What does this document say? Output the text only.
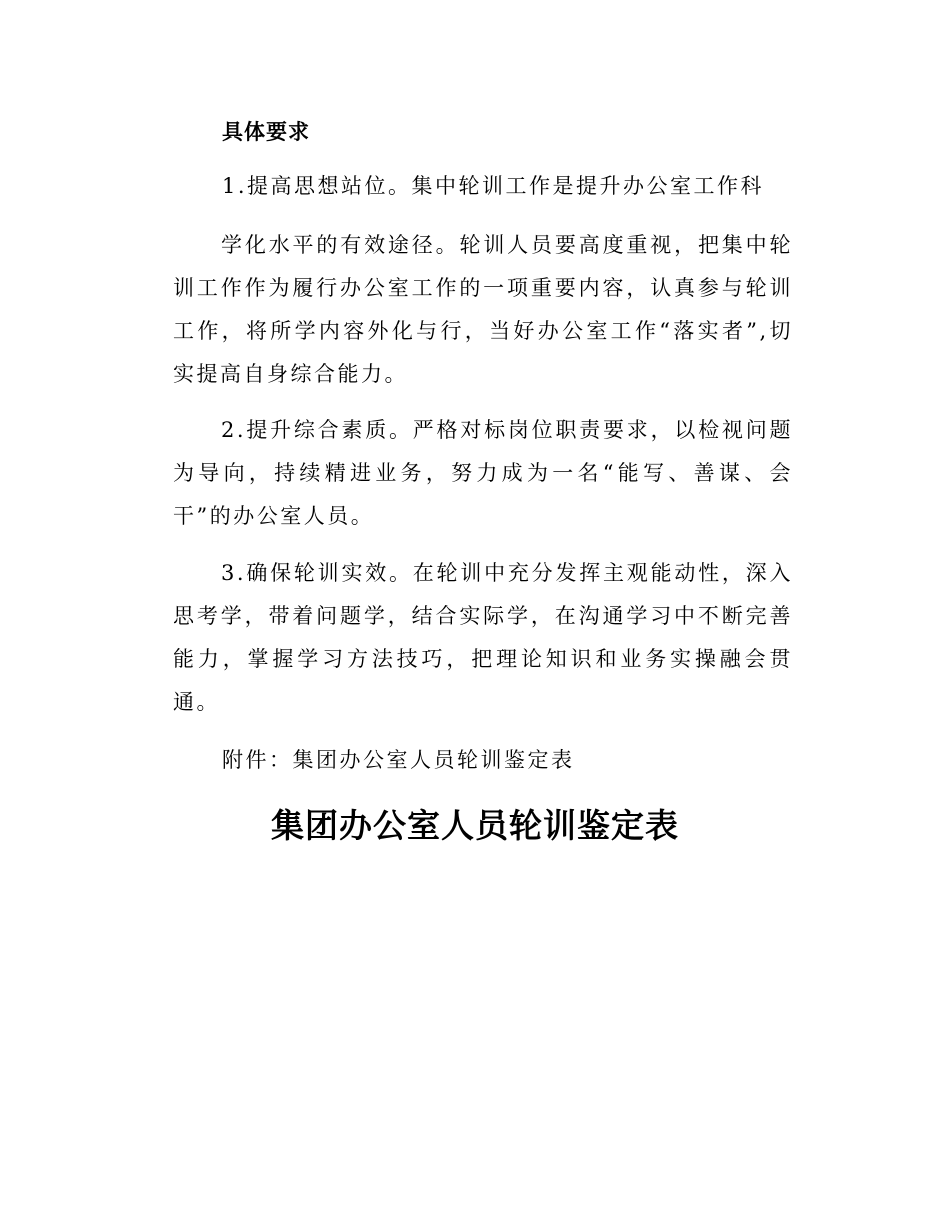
具体要求
1.提高思想站位。集中轮训工作是提升办公室工作科

学化水平的有效途径。轮训人员要高度重视，把集中轮训工作作为履行办公室工作的一项重要内容，认真参与轮训工作，将所学内容外化与行，当好办公室工作“落实者”,切实提高自身综合能力。

2.提升综合素质。严格对标岗位职责要求，以检视问题为导向，持续精进业务，努力成为一名“能写、善谋、会干”的办公室人员。

3.确保轮训实效。在轮训中充分发挥主观能动性，深入思考学，带着问题学，结合实际学，在沟通学习中不断完善能力，掌握学习方法技巧，把理论知识和业务实操融会贯通。

附件：集团办公室人员轮训鉴定表
集团办公室人员轮训鉴定表
